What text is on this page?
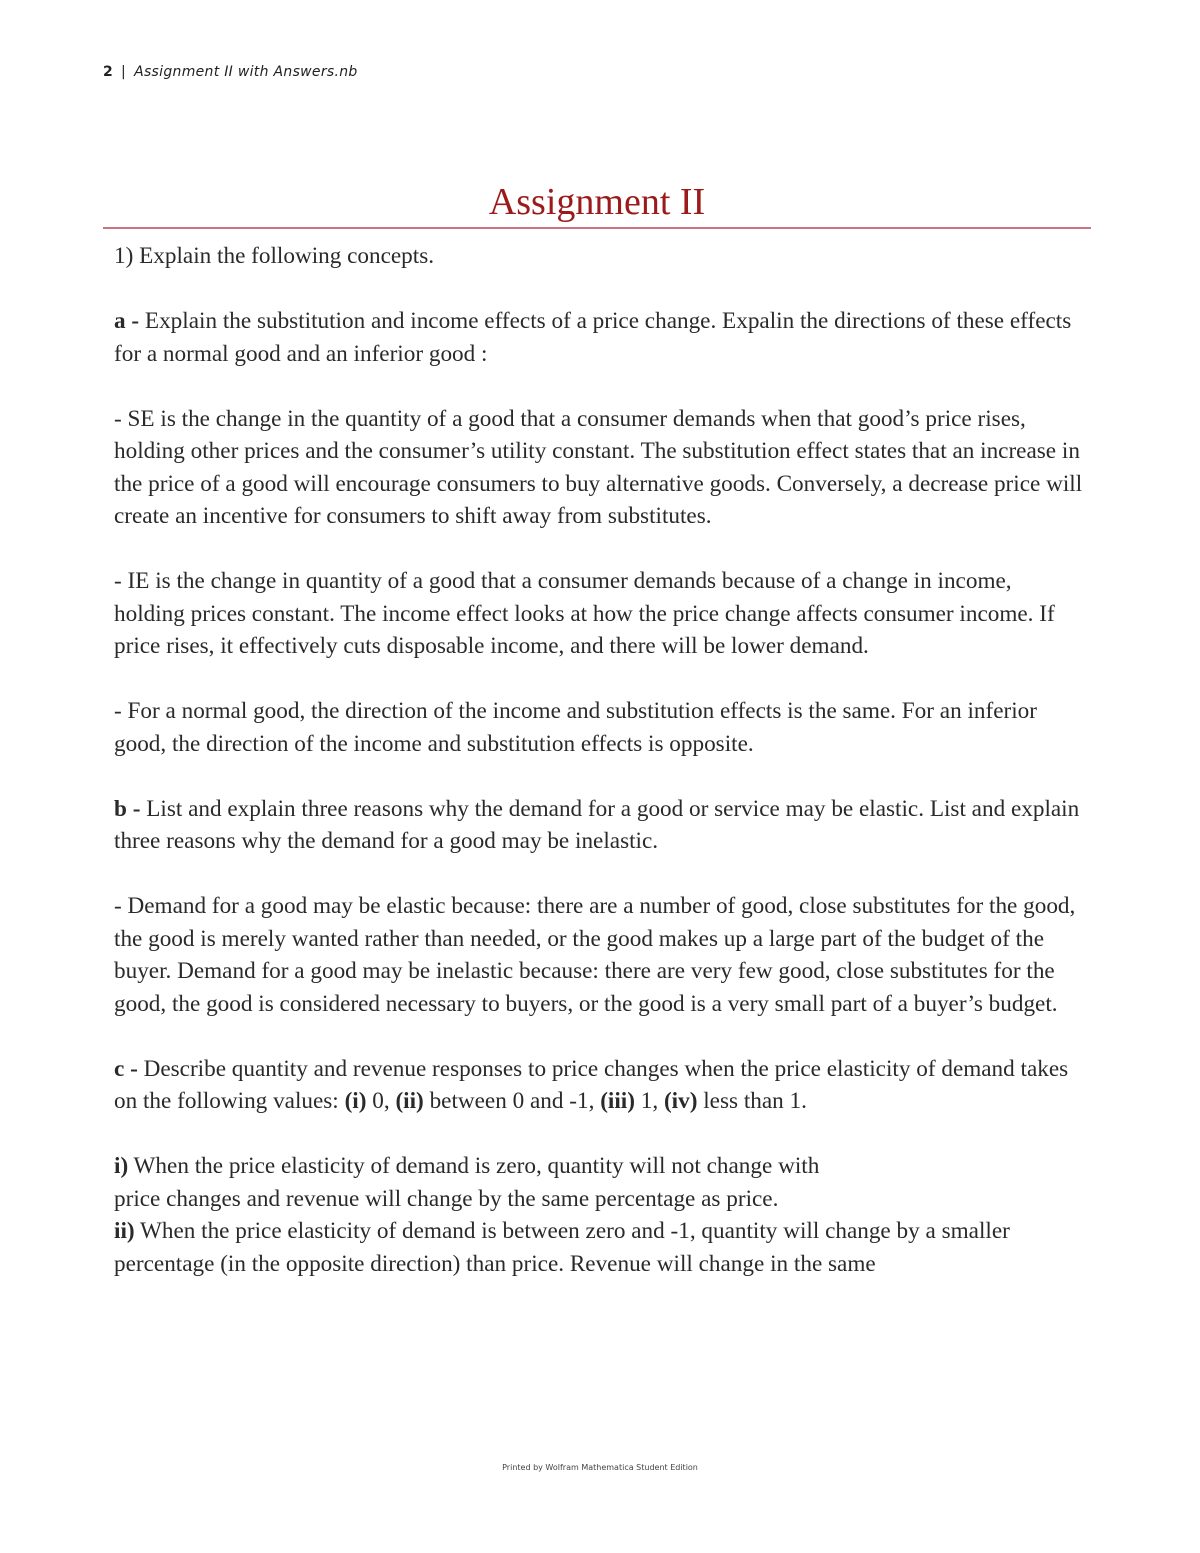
2 | Assignment II with Answers.nb
Assignment II

1) Explain the following concepts.

a - Explain the substitution and income effects of a price change. Expalin the directions of these effects for a normal good and an inferior good :

- SE is the change in the quantity of a good that a consumer demands when that good’s price rises, holding other prices and the consumer’s utility constant. The substitution effect states that an increase in the price of a good will encourage consumers to buy alternative goods. Conversely, a decrease price will create an incentive for consumers to shift away from substitutes.

- IE is the change in quantity of a good that a consumer demands because of a change in income, holding prices constant. The income effect looks at how the price change affects consumer income. If price rises, it effectively cuts disposable income, and there will be lower demand.

- For a normal good, the direction of the income and substitution effects is the same. For an inferior good, the direction of the income and substitution effects is opposite.

b - List and explain three reasons why the demand for a good or service may be elastic. List and explain three reasons why the demand for a good may be inelastic.

- Demand for a good may be elastic because: there are a number of good, close substitutes for the good, the good is merely wanted rather than needed, or the good makes up a large part of the budget of the buyer. Demand for a good may be inelastic because: there are very few good, close substitutes for the good, the good is considered necessary to buyers, or the good is a very small part of a buyer’s budget.

c - Describe quantity and revenue responses to price changes when the price elasticity of demand takes on the following values: (i) 0, (ii) between 0 and -1, (iii) 1, (iv) less than 1.

i) When the price elasticity of demand is zero, quantity will not change with
price changes and revenue will change by the same percentage as price.

ii) When the price elasticity of demand is between zero and -1, quantity will change by a smaller percentage (in the opposite direction) than price. Revenue will change in the same

Printed by Wolfram Mathematica Student Edition
